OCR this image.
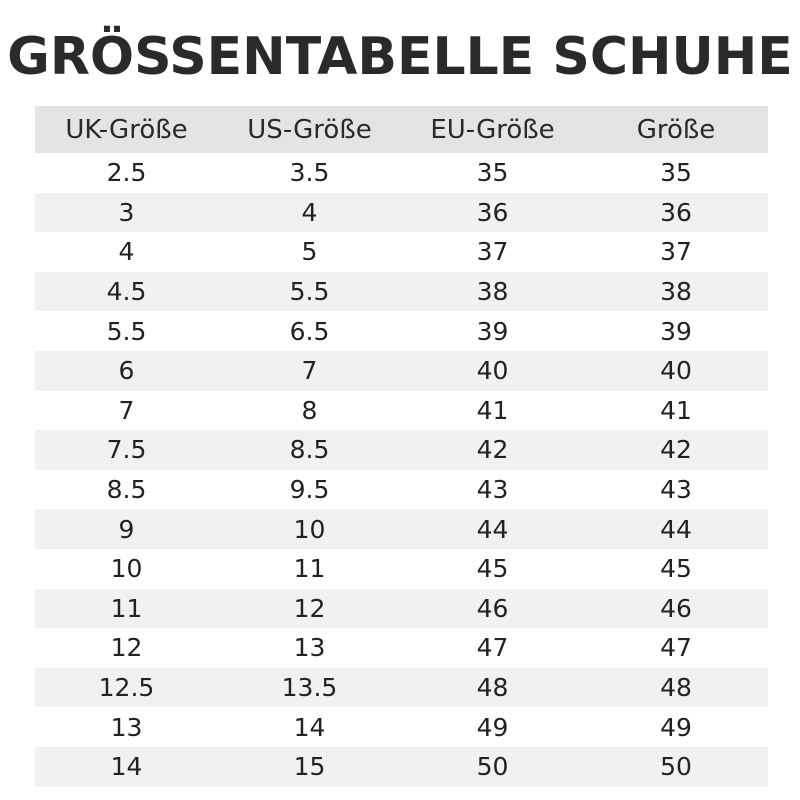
GRÖSSENTABELLE SCHUHE
UK-Größe	US-Größe	EU-Größe	Größe
2.5	3.5	35	35
3	4	36	36
4	5	37	37
4.5	5.5	38	38
5.5	6.5	39	39
6	7	40	40
7	8	41	41
7.5	8.5	42	42
8.5	9.5	43	43
9	10	44	44
10	11	45	45
11	12	46	46
12	13	47	47
12.5	13.5	48	48
13	14	49	49
14	15	50	50
